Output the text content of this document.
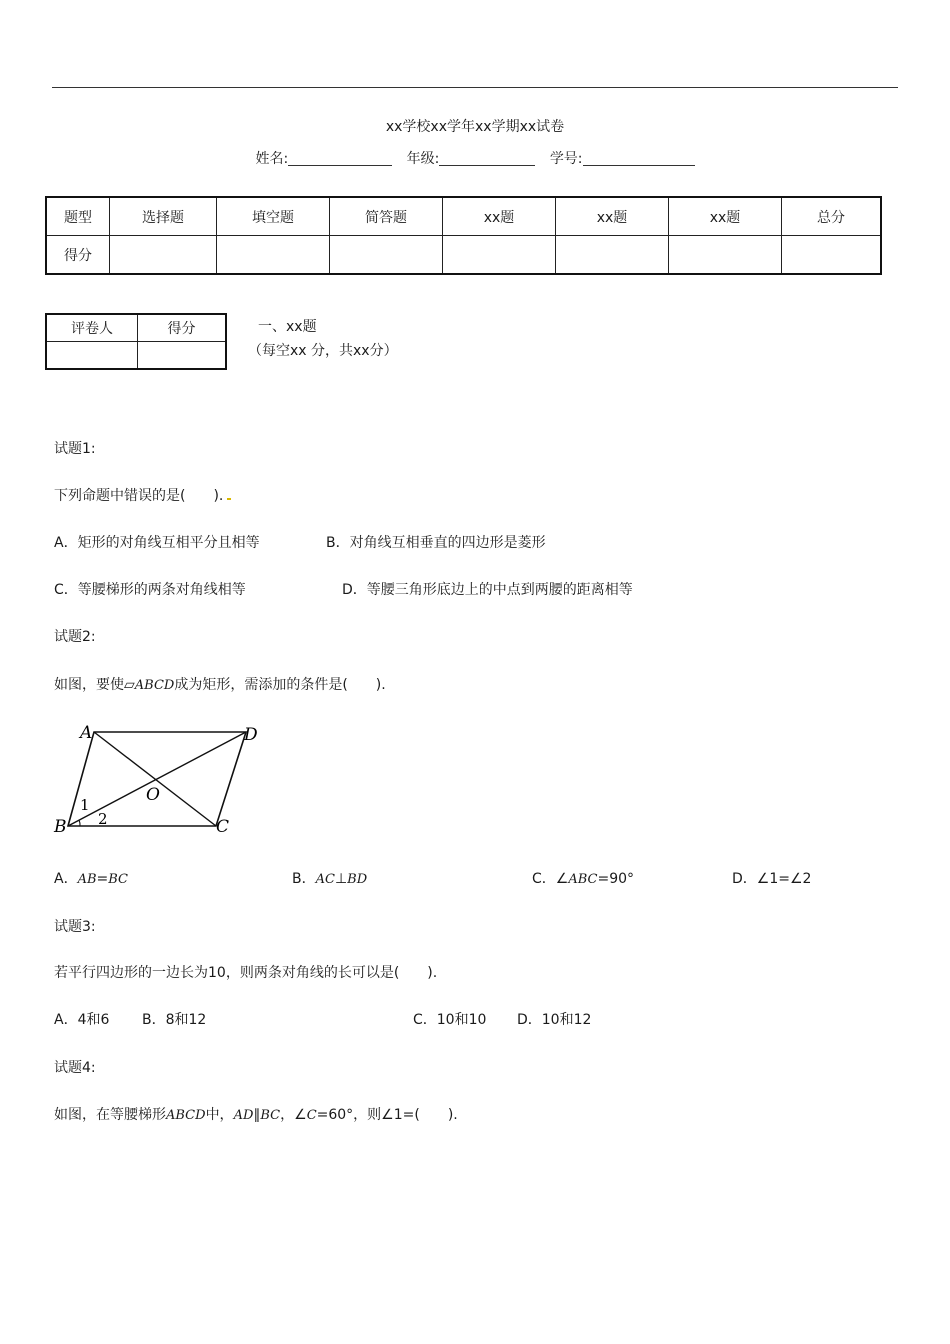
xx学校xx学年xx学期xx试卷
姓名:	年级:	学号:
题型	选择题	填空题	简答题	xx题	xx题	xx题	总分
得分							
评卷人	得分
		一、xx题
（每空xx 分，共xx分）
试题1:
下列命题中错误的是(　　).
A．矩形的对角线互相平分且相等	B．对角线互相垂直的四边形是菱形
C．等腰梯形的两条对角线相等	D．等腰三角形底边上的中点到两腰的距离相等
试题2:
如图，要使▱ABCD成为矩形，需添加的条件是(　　).
A	D
B	C
O
1
2
A．AB=BC	B．AC⊥BD	C．∠ABC=90°	D．∠1=∠2
试题3:
若平行四边形的一边长为10，则两条对角线的长可以是(　　).
A．4和6 B．8和12	C．10和10 D．10和12
试题4:
如图，在等腰梯形ABCD中，AD∥BC，∠C=60°，则∠1=(　　).
